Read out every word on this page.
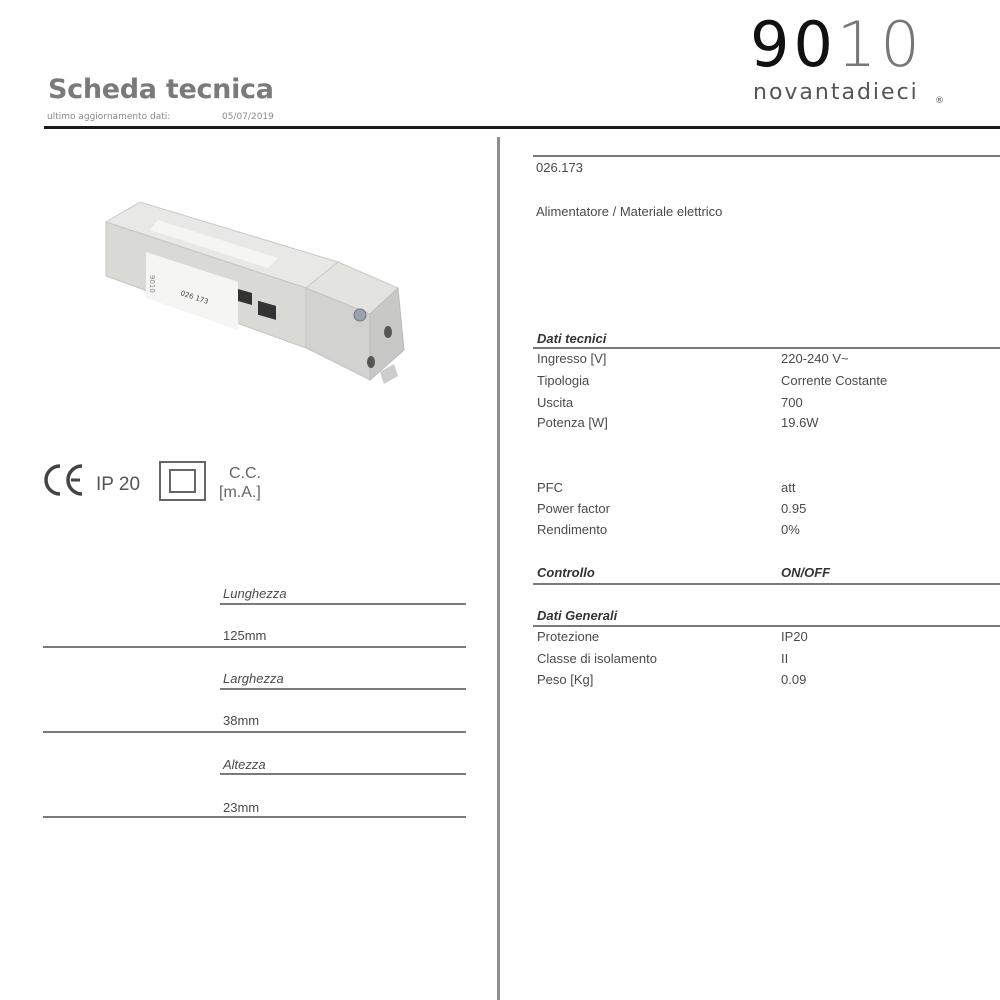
Scheda tecnica
ultimo aggiornamento dati:	05/07/2019
9010
novantadieci ®
026 173
9010
IP 20
C.C.
[m.A.]
Lunghezza
125mm
Larghezza
38mm
Altezza
23mm
026.173
Alimentatore / Materiale elettrico
Dati tecnici
Ingresso [V]	220-240 V~
Tipologia	Corrente Costante
Uscita	700
Potenza [W]	19.6W
PFC	att
Power factor	0.95
Rendimento	0%
Controllo	ON/OFF
Dati Generali
Protezione	IP20
Classe di isolamento	II
Peso [Kg]	0.09
